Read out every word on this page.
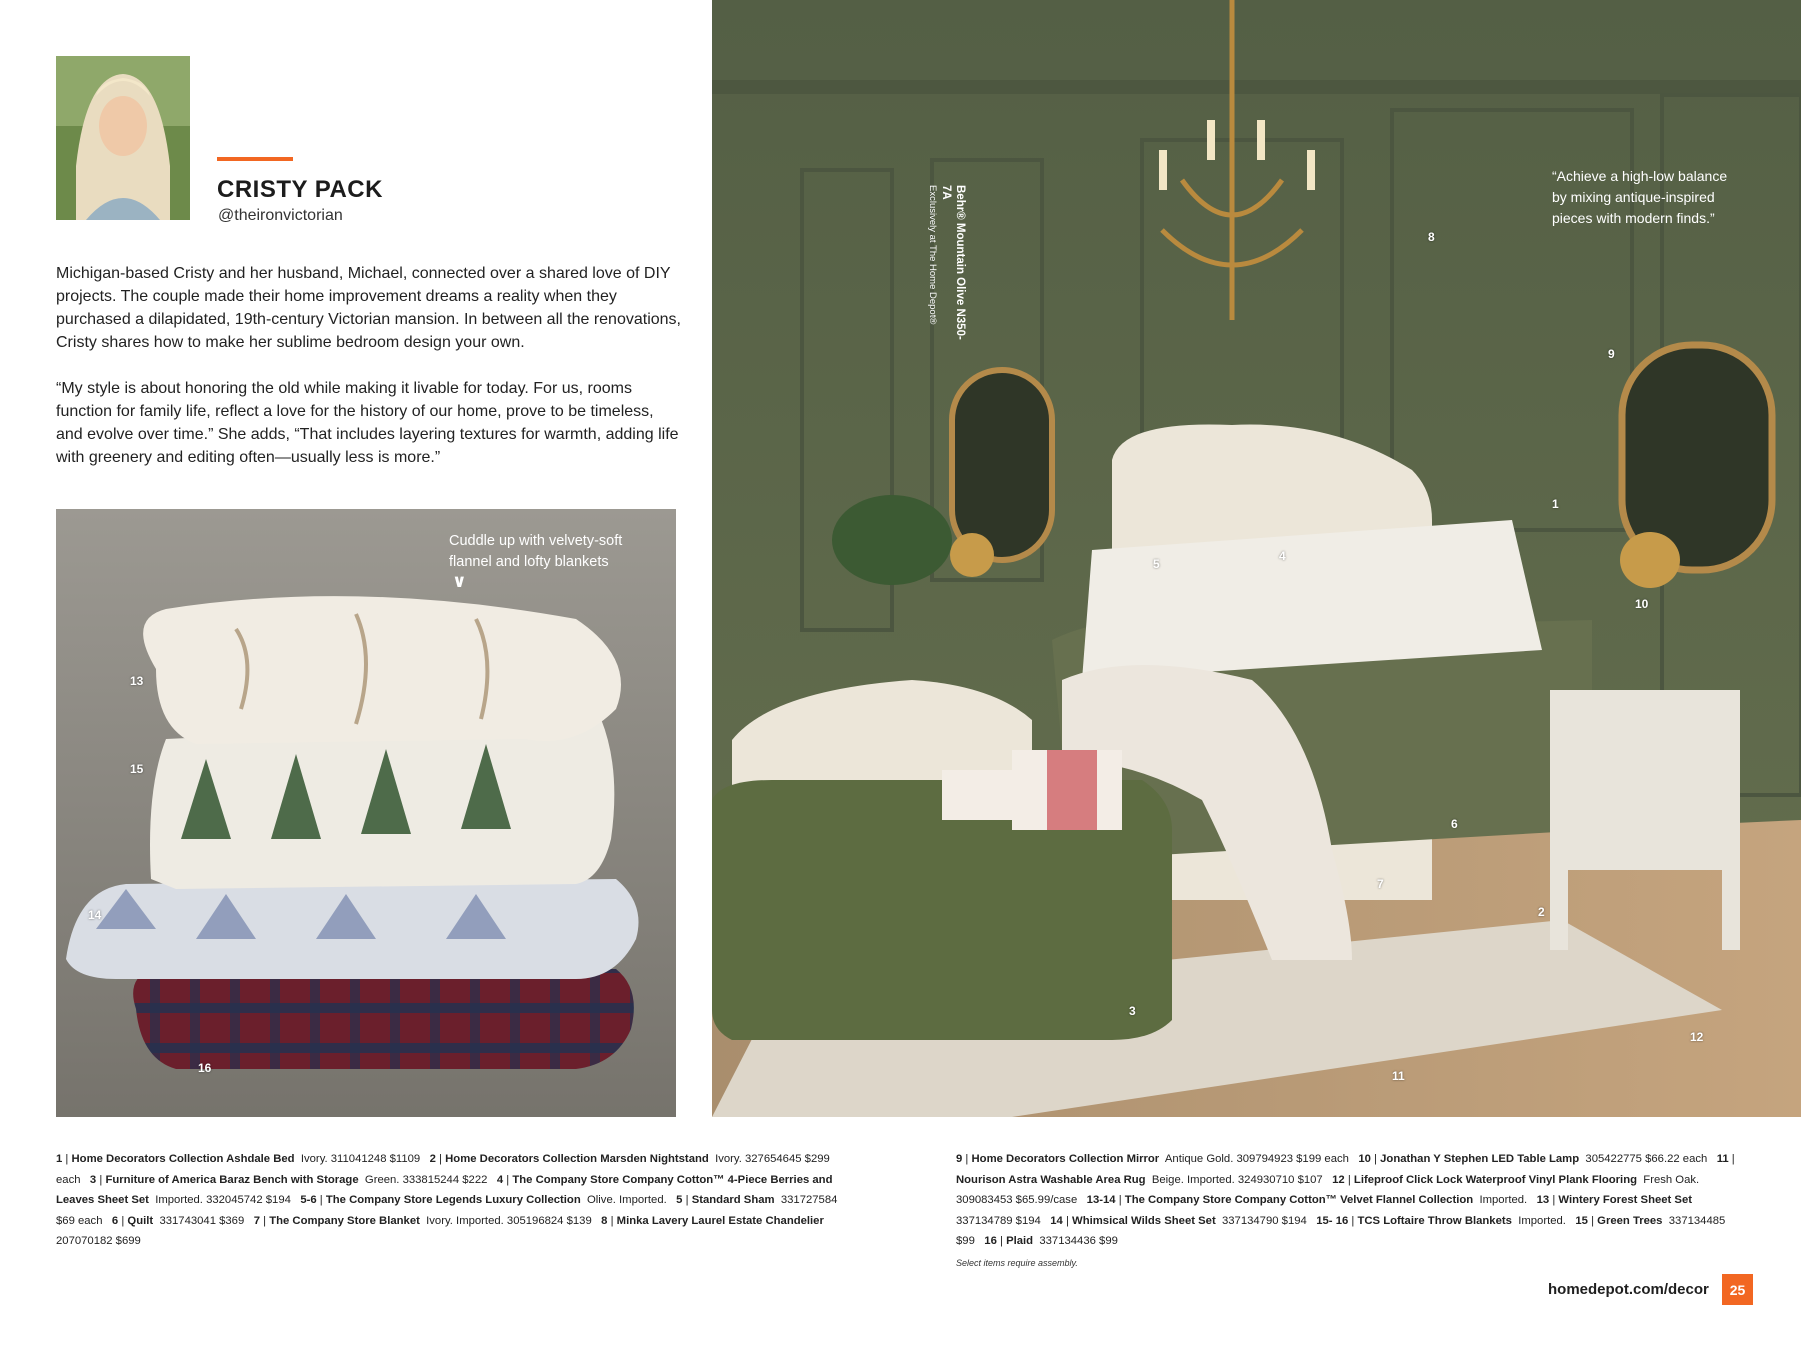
CRISTY PACK
@theironvictorian

Michigan-based Cristy and her husband, Michael, connected over a shared love of DIY projects. The couple made their home improvement dreams a reality when they purchased a dilapidated, 19th-century Victorian mansion. In between all the renovations, Cristy shares how to make her sublime bedroom design your own.

“My style is about honoring the old while making it livable for today. For us, rooms function for family life, reflect a love for the history of our home, prove to be timeless, and evolve over time.” She adds, “That includes layering textures for warmth, adding life with greenery and editing often—usually less is more.”

Cuddle up with velvety-soft flannel and lofty blankets
∨
13
15
14
16
Behr® Mountain Olive N350-7A
Exclusively at The Home Depot®
“Achieve a high-low balance by mixing antique-inspired pieces with modern finds.”
8
9
1
5
4
10
6
7
2
3
12
11

1 | Home Decorators Collection Ashdale Bed Ivory. 311041248 $1109 2 | Home Decorators Collection Marsden Nightstand Ivory. 327654645 $299 each 3 | Furniture of America Baraz Bench with Storage Green. 333815244 $222 4 | The Company Store Company Cotton™ 4-Piece Berries and Leaves Sheet Set Imported. 332045742 $194 5-6 | The Company Store Legends Luxury Collection Olive. Imported. 5 | Standard Sham 331727584 $69 each 6 | Quilt 331743041 $369 7 | The Company Store Blanket Ivory. Imported. 305196824 $139 8 | Minka Lavery Laurel Estate Chandelier  207070182 $699

9 | Home Decorators Collection Mirror Antique Gold. 309794923 $199 each 10 | Jonathan Y Stephen LED Table Lamp 305422775 $66.22 each 11 | Nourison Astra Washable Area Rug Beige. Imported. 324930710 $107 12 | Lifeproof Click Lock Waterproof Vinyl Plank Flooring Fresh Oak. 309083453 $65.99/case 13-14 | The Company Store Company Cotton™ Velvet Flannel Collection Imported. 13 | Wintery Forest Sheet Set  337134789 $194 14 | Whimsical Wilds Sheet Set 337134790 $194 15- 16 | TCS Loftaire Throw Blankets Imported. 15 | Green Trees 337134485 $99 16 | Plaid 337134436 $99

Select items require assembly.
homedepot.com/decor	25
